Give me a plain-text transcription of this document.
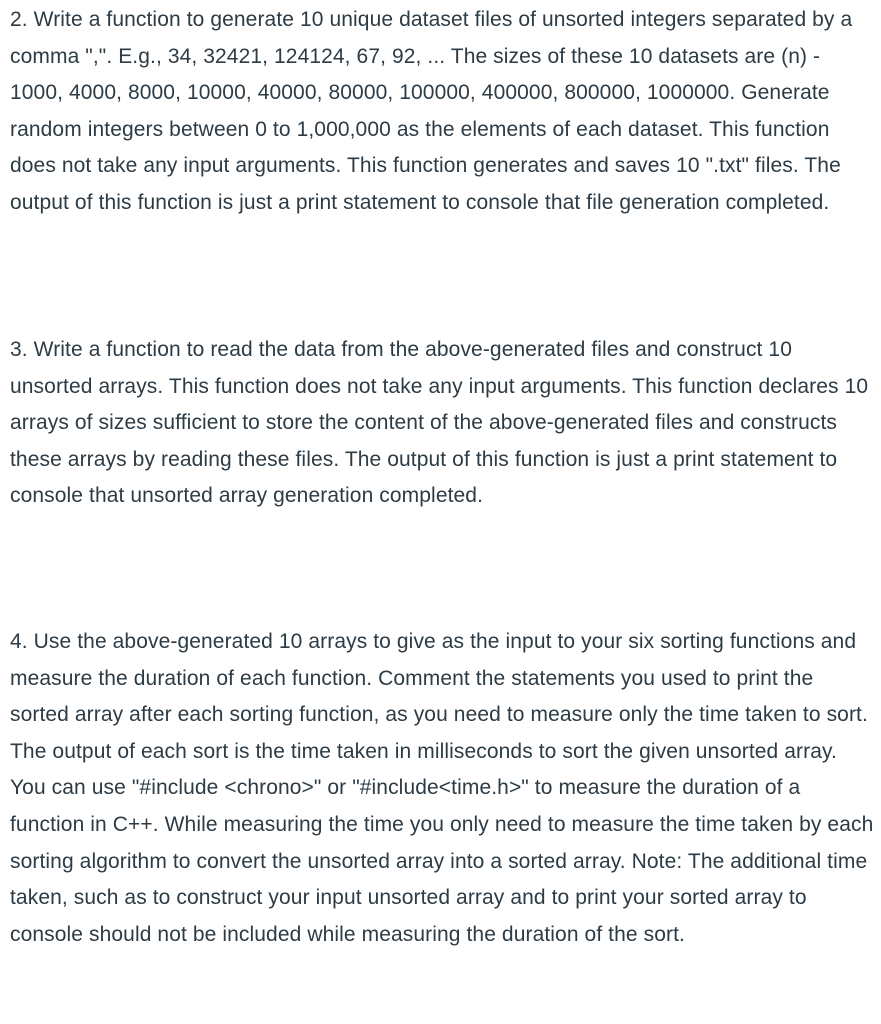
2. Write a function to generate 10 unique dataset files of unsorted integers separated by a comma ",". E.g., 34, 32421, 124124, 67, 92, ... The sizes of these 10 datasets are (n) - 1000, 4000, 8000, 10000, 40000, 80000, 100000, 400000, 800000, 1000000. Generate random integers between 0 to 1,000,000 as the elements of each dataset. This function does not take any input arguments. This function generates and saves 10 ".txt" files. The output of this function is just a print statement to console that file generation completed.

3. Write a function to read the data from the above-generated files and construct 10 unsorted arrays. This function does not take any input arguments. This function declares 10 arrays of sizes sufficient to store the content of the above-generated files and constructs these arrays by reading these files. The output of this function is just a print statement to console that unsorted array generation completed.

4. Use the above-generated 10 arrays to give as the input to your six sorting functions and measure the duration of each function. Comment the statements you used to print the sorted array after each sorting function, as you need to measure only the time taken to sort. The output of each sort is the time taken in milliseconds to sort the given unsorted array. You can use "#include <chrono>" or "#include<time.h>" to measure the duration of a function in C++. While measuring the time you only need to measure the time taken by each sorting algorithm to convert the unsorted array into a sorted array. Note: The additional time taken, such as to construct your input unsorted array and to print your sorted array to console should not be included while measuring the duration of the sort.
